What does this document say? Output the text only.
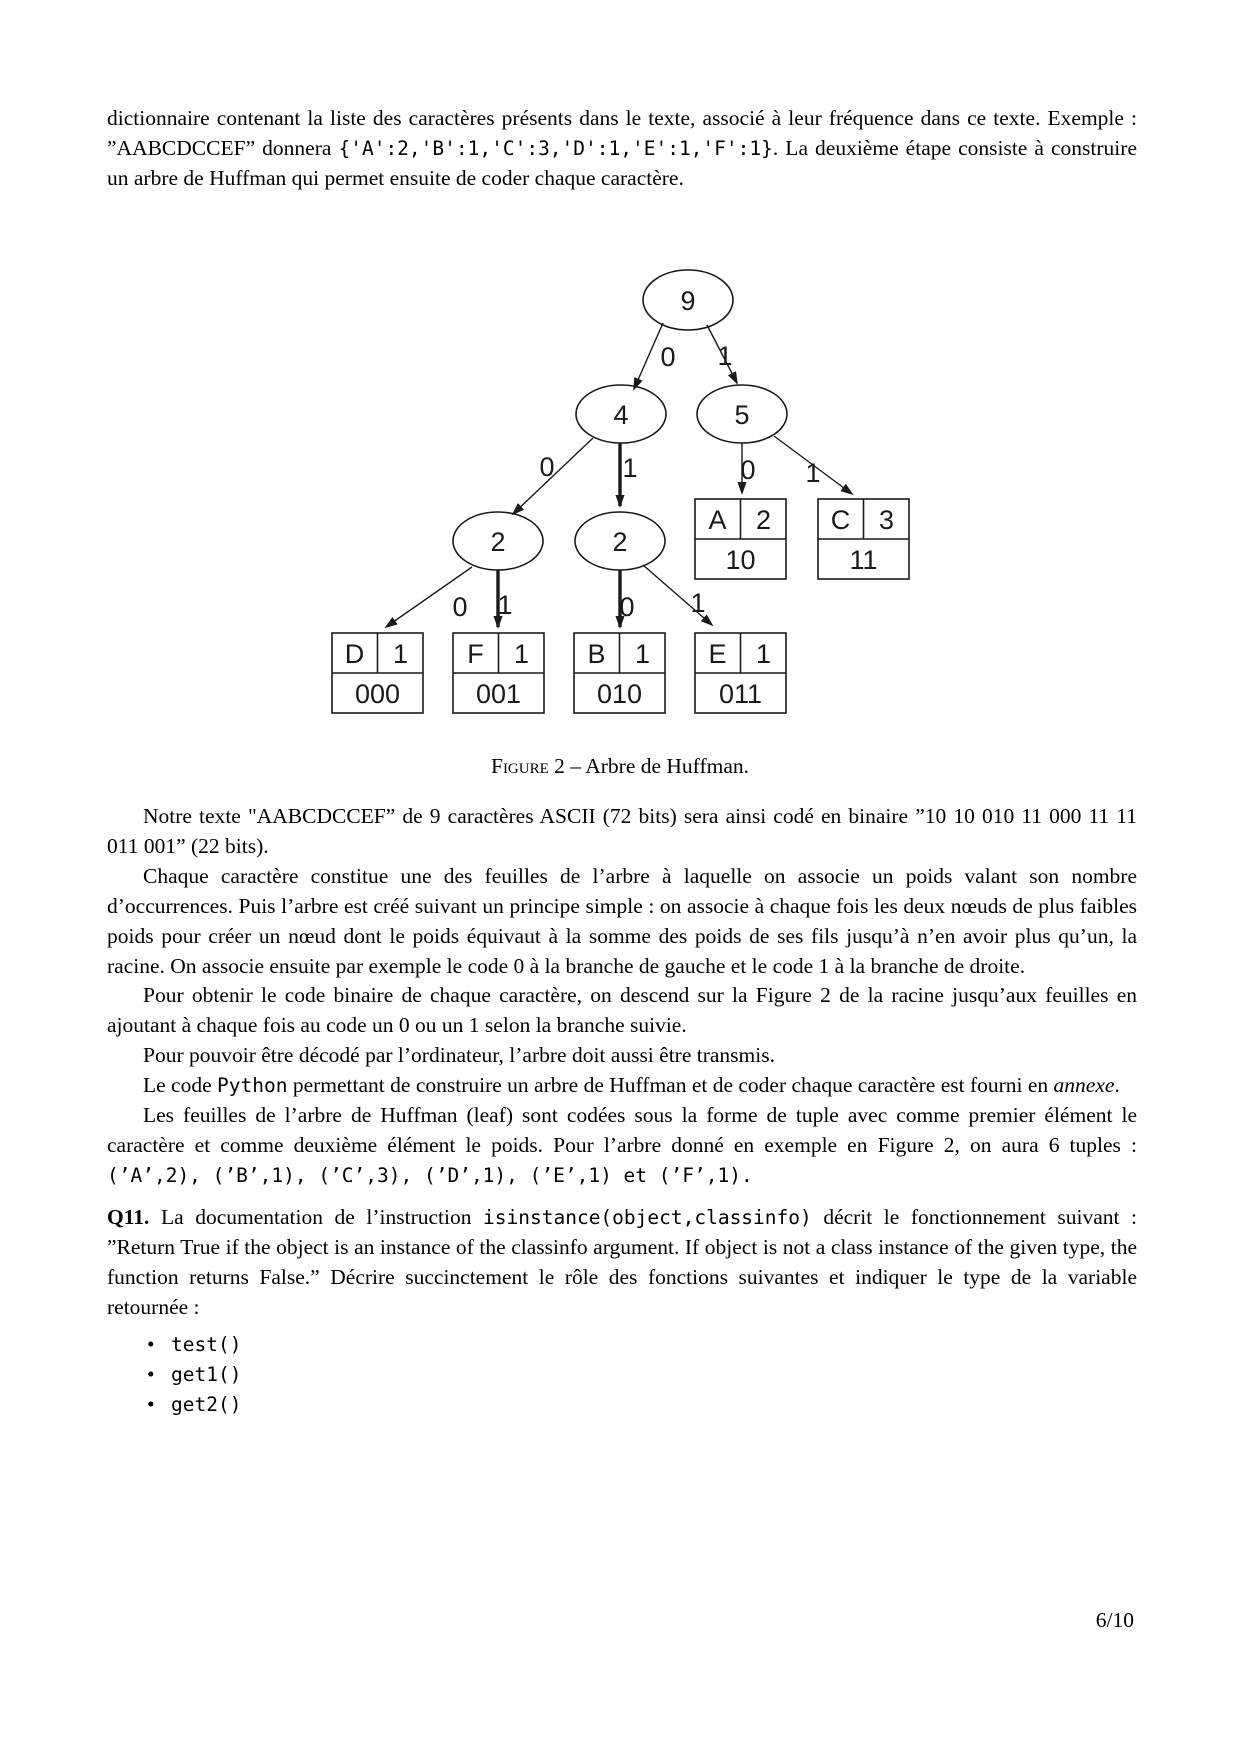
dictionnaire contenant la liste des caractères présents dans le texte, associé à leur fréquence dans ce texte. Exemple : ”AABCDCCEF” donnera {'A':2,'B':1,'C':3,'D':1,'E':1,'F':1}. La deuxième étape consiste à construire un arbre de Huffman qui permet ensuite de coder chaque caractère.

0 1
0	1	0 1
0 1	0 1
9
4	5
2	2
A 2
10
C 3
11
D 1
000
F 1
001
B 1
010
E 1
011
Figure 2 – Arbre de Huffman.

Notre texte "AABCDCCEF” de 9 caractères ASCII (72 bits) sera ainsi codé en binaire ”10 10 010 11 000 11 11 011 001” (22 bits).

Chaque caractère constitue une des feuilles de l’arbre à laquelle on associe un poids valant son nombre d’occurrences. Puis l’arbre est créé suivant un principe simple : on associe à chaque fois les deux nœuds de plus faibles poids pour créer un nœud dont le poids équivaut à la somme des poids de ses fils jusqu’à n’en avoir plus qu’un, la racine. On associe ensuite par exemple le code 0 à la branche de gauche et le code 1 à la branche de droite.

Pour obtenir le code binaire de chaque caractère, on descend sur la Figure 2 de la racine jusqu’aux feuilles en ajoutant à chaque fois au code un 0 ou un 1 selon la branche suivie.

Pour pouvoir être décodé par l’ordinateur, l’arbre doit aussi être transmis.

Le code Python permettant de construire un arbre de Huffman et de coder chaque caractère est fourni en annexe.

Les feuilles de l’arbre de Huffman (leaf) sont codées sous la forme de tuple avec comme premier élément le caractère et comme deuxième élément le poids. Pour l’arbre donné en exemple en Figure 2, on aura 6 tuples : (’A’,2), (’B’,1), (’C’,3), (’D’,1), (’E’,1) et (’F’,1).

Q11. La documentation de l’instruction isinstance(object,classinfo) décrit le fonctionnement suivant : ”Return True if the object is an instance of the classinfo argument. If object is not a class instance of the given type, the function returns False.” Décrire succinctement le rôle des fonctions suivantes et indiquer le type de la variable retournée :

• test()
• get1()
• get2()
6/10
